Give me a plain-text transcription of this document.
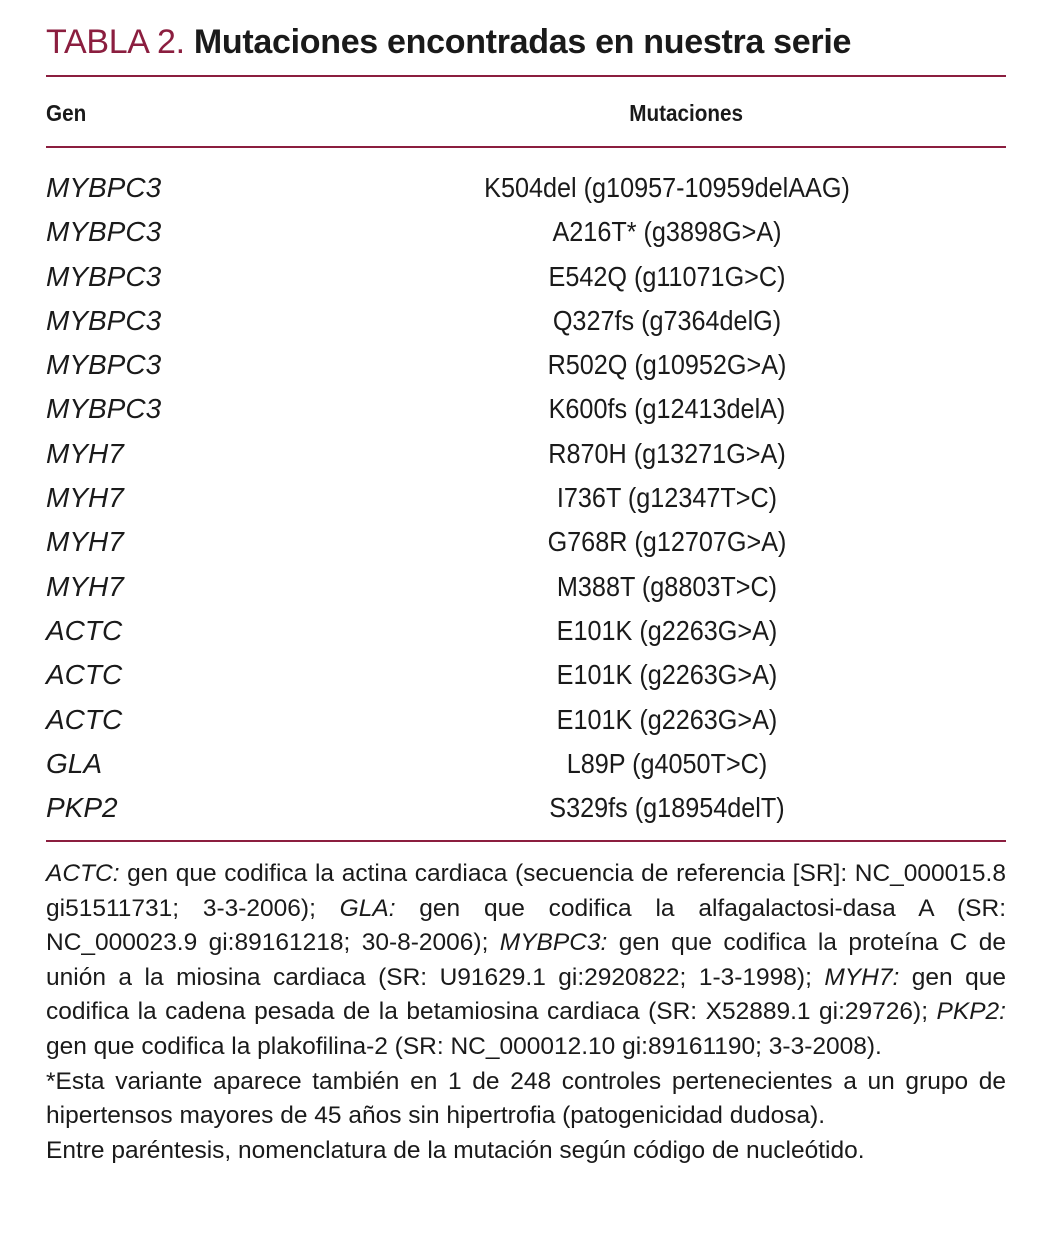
TABLA 2. Mutaciones encontradas en nuestra serie
Gen	Mutaciones
MYBPC3	K504del (g10957-10959delAAG)
MYBPC3	A216T* (g3898G>A)
MYBPC3	E542Q (g11071G>C)
MYBPC3	Q327fs (g7364delG)
MYBPC3	R502Q (g10952G>A)
MYBPC3	K600fs (g12413delA)
MYH7	R870H (g13271G>A)
MYH7	I736T (g12347T>C)
MYH7	G768R (g12707G>A)
MYH7	M388T (g8803T>C)
ACTC	E101K (g2263G>A)
ACTC	E101K (g2263G>A)
ACTC	E101K (g2263G>A)
GLA	L89P (g4050T>C)
PKP2	S329fs (g18954delT)

ACTC: gen que codifica la actina cardiaca (secuencia de referencia [SR]: NC_000015.8 gi51511731; 3-3-2006); GLA: gen que codifica la alfagalactosi-dasa A (SR: NC_000023.9 gi:89161218; 30-8-2006); MYBPC3: gen que codifica la proteína C de unión a la miosina cardiaca (SR: U91629.1 gi:2920822; 1-3-1998); MYH7: gen que codifica la cadena pesada de la betamiosina cardiaca (SR: X52889.1 gi:29726); PKP2: gen que codifica la plakofilina-2 (SR: NC_000012.10 gi:89161190; 3-3-2008).

*Esta variante aparece también en 1 de 248 controles pertenecientes a un grupo de hipertensos mayores de 45 años sin hipertrofia (patogenicidad dudosa).

Entre paréntesis, nomenclatura de la mutación según código de nucleótido.
